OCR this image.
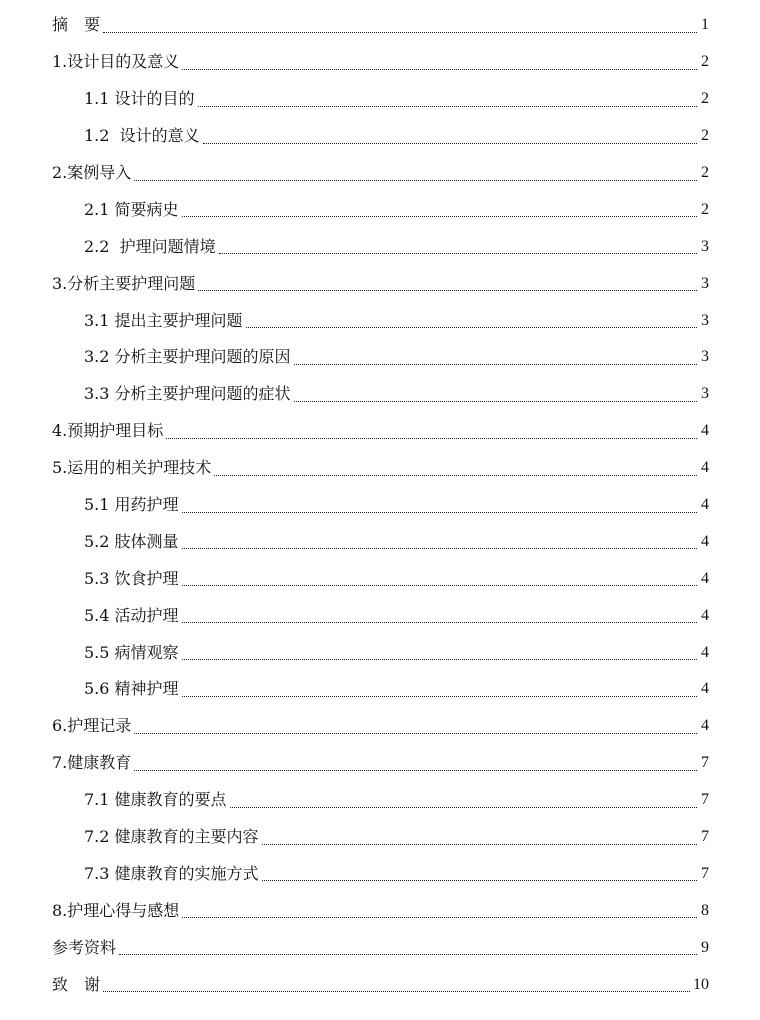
摘　要	1
1.设计目的及意义	2
1.1 设计的目的	2
1.2  设计的意义	2
2.案例导入	2
2.1 简要病史	2
2.2  护理问题情境	3
3.分析主要护理问题	3
3.1 提出主要护理问题	3
3.2 分析主要护理问题的原因	3
3.3 分析主要护理问题的症状	3
4.预期护理目标	4
5.运用的相关护理技术	4
5.1 用药护理	4
5.2 肢体测量	4
5.3 饮食护理	4
5.4 活动护理	4
5.5 病情观察	4
5.6 精神护理	4
6.护理记录	4
7.健康教育	7
7.1 健康教育的要点	7
7.2 健康教育的主要内容	7
7.3 健康教育的实施方式	7
8.护理心得与感想	8
参考资料	9
致　谢	10
